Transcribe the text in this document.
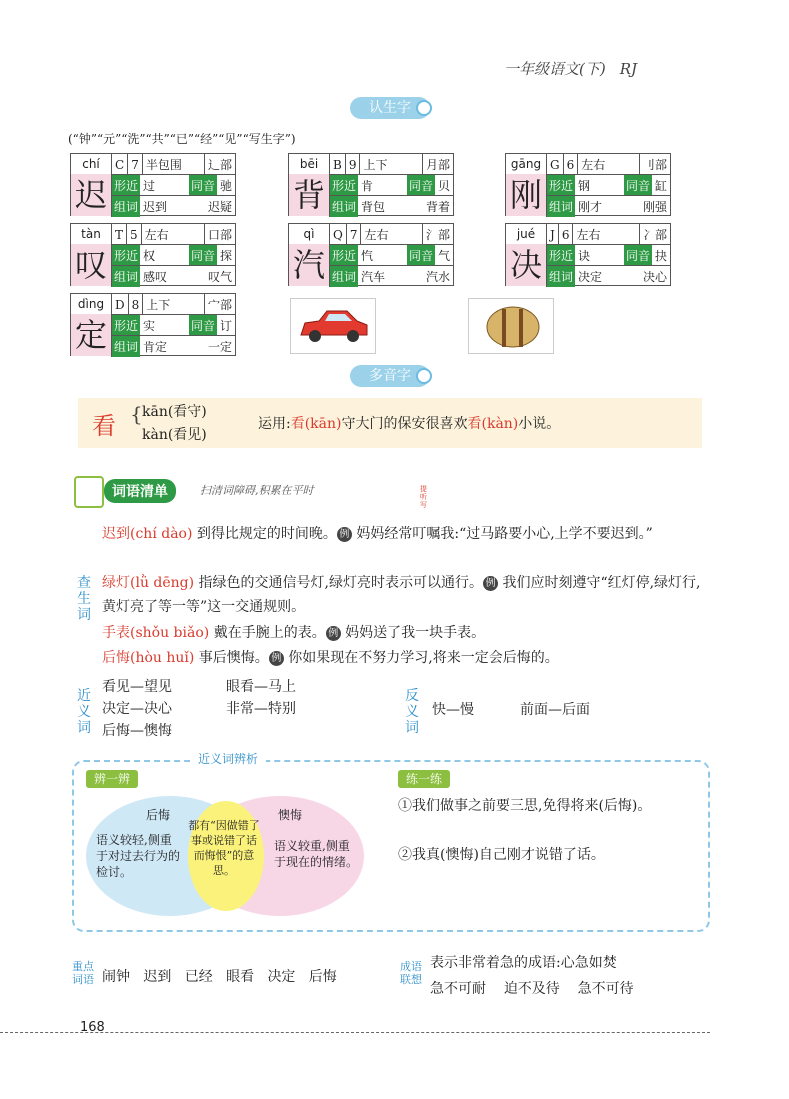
一年级语文(下) RJ
认生字
(“钟”“元”“洗”“共”“已”“经”“见”“写生字”)
chí
迟
C 7 半包围	辶部
形近 过	同音 驰
组词 迟到	迟疑
bēi
背
B 9 上下	月部
形近 肯	同音 贝
组词 背包	背着
gāng
刚
G 6 左右	刂部
形近 钢	同音 缸
组词 刚才	刚强
tàn
叹
T 5 左右	口部
形近 权	同音 探
组词 感叹	叹气
qì
汽
Q 7 左右	氵部
形近 忾	同音 气
组词 汽车	汽水
jué
决
J 6 左右	冫部
形近 诀	同音 抉
组词 决定	决心
dìng
定
D 8 上下	宀部
形近 实	同音 订
组词 肯定	一定
多音字
看 { kān(看守)
kàn(看见)
运用:看(kān)守大门的保安很喜欢看(kàn)小说。
词语清单	扫清词障碍,积累在平时	提听写
查生词
迟到(chí dào) 到得比规定的时间晚。 例 妈妈经常叮嘱我:“过马路要小心,上学不要迟到。”
绿灯(lǜ dēng) 指绿色的交通信号灯,绿灯亮时表示可以通行。 例 我们应时刻遵守“红灯停,绿灯行,黄灯亮了等一等”这一交通规则。
手表(shǒu biǎo) 戴在手腕上的表。 例 妈妈送了我一块手表。
后悔(hòu huǐ) 事后懊悔。 例 你如果现在不努力学习,将来一定会后悔的。
近义词
看见—望见	眼看—马上
决定—决心	非常—特别
后悔—懊悔
反义词
快—慢	前面—后面
近义词辨析
辨一辨	练一练
后悔	懊悔
语义较轻,侧重于对过去行为的检讨。
都有“因做错了事或说错了话而悔恨”的意思。
语义较重,侧重于现在的情绪。
①我们做事之前要三思,免得将来(后悔)。
②我真(懊悔)自己刚才说错了话。
重点词语 闹钟 迟到 已经 眼看 决定 后悔
成语联想
表示非常着急的成语:心急如焚
急不可耐 迫不及待 急不可待
168
